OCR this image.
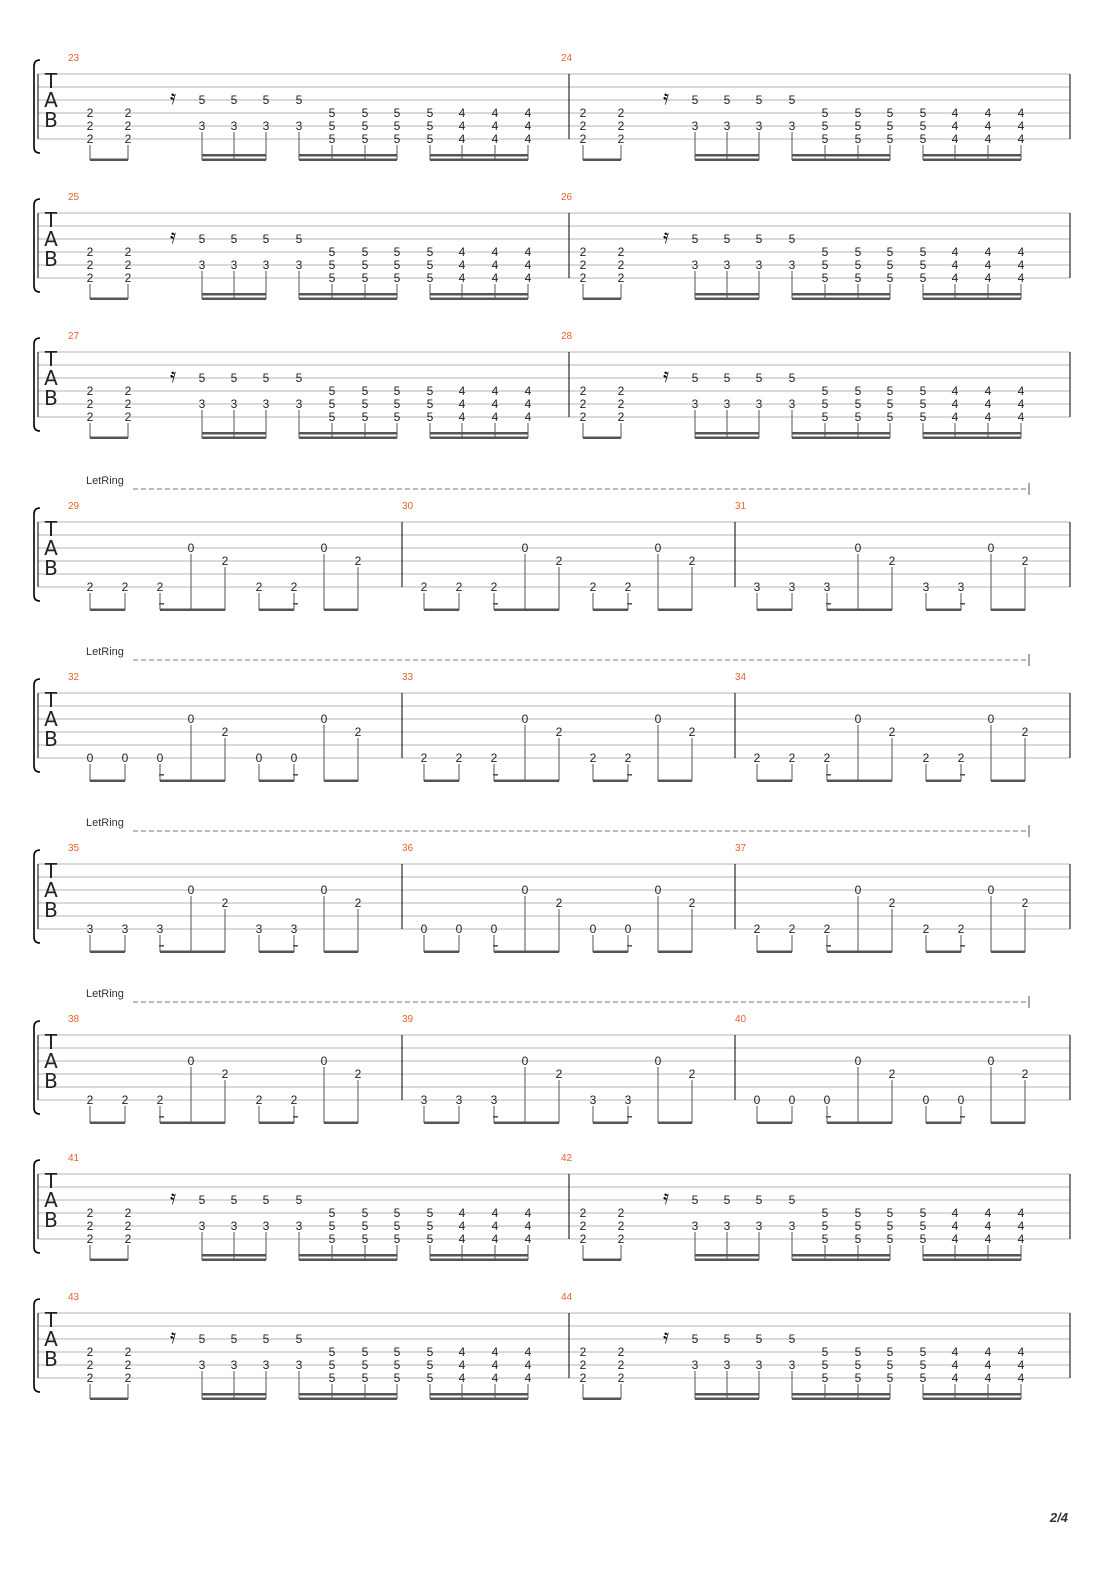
T
A
B
23
2
2
2
2
2
2
𝄿 5
3
5
3
5
3
5
3
5
5
5
5
5
5
5
5
5
5
5
5
4
4
4
4
4
4
4
4
4
24
2
2
2
2
2
2
𝄿 5
3
5
3
5
3
5
3
5
5
5
5
5
5
5
5
5
5
5
5
4
4
4
4
4
4
4
4
4
T
A
B
25
2
2
2
2
2
2
𝄿 5
3
5
3
5
3
5
3
5
5
5
5
5
5
5
5
5
5
5
5
4
4
4
4
4
4
4
4
4
26
2
2
2
2
2
2
𝄿 5
3
5
3
5
3
5
3
5
5
5
5
5
5
5
5
5
5
5
5
4
4
4
4
4
4
4
4
4
T
A
B
27
2
2
2
2
2
2
𝄿 5
3
5
3
5
3
5
3
5
5
5
5
5
5
5
5
5
5
5
5
4
4
4
4
4
4
4
4
4
28
2
2
2
2
2
2
𝄿 5
3
5
3
5
3
5
3
5
5
5
5
5
5
5
5
5
5
5
5
4
4
4
4
4
4
4
4
4
T
A
B
LetRing
29
2 2 2
0
2
2 2
0
2
30
2 2 2
0
2
2 2
0
2
31
3 3 3
0
2
3 3
0
2
T
A
B
LetRing
32
0 0 0
0
2
0 0
0
2
33
2 2 2
0
2
2 2
0
2
34
2 2 2
0
2
2 2
0
2
T
A
B
LetRing
35
3 3 3
0
2
3 3
0
2
36
0 0 0
0
2
0 0
0
2
37
2 2 2
0
2
2 2
0
2
T
A
B
LetRing
38
2 2 2
0
2
2 2
0
2
39
3 3 3
0
2
3 3
0
2
40
0 0 0
0
2
0 0
0
2
T
A
B
41
2
2
2
2
2
2
𝄿 5
3
5
3
5
3
5
3
5
5
5
5
5
5
5
5
5
5
5
5
4
4
4
4
4
4
4
4
4
42
2
2
2
2
2
2
𝄿 5
3
5
3
5
3
5
3
5
5
5
5
5
5
5
5
5
5
5
5
4
4
4
4
4
4
4
4
4
T
A
B
43
2
2
2
2
2
2
𝄿 5
3
5
3
5
3
5
3
5
5
5
5
5
5
5
5
5
5
5
5
4
4
4
4
4
4
4
4
4
44
2
2
2
2
2
2
𝄿 5
3
5
3
5
3
5
3
5
5
5
5
5
5
5
5
5
5
5
5
4
4
4
4
4
4
4
4
4
2/4
